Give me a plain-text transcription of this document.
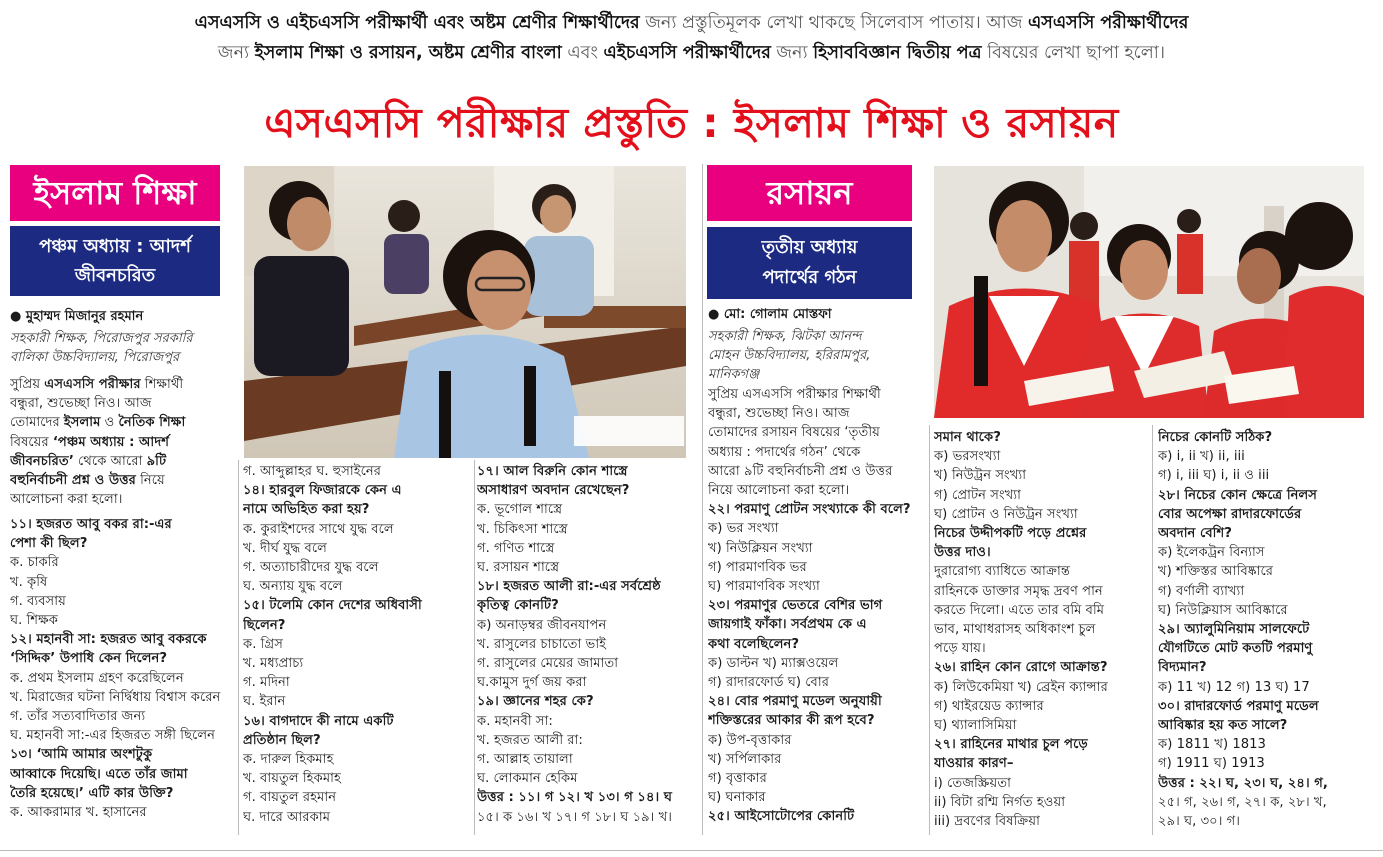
এসএসসি ও এইচএসসি পরীক্ষার্থী এবং অষ্টম শ্রেণীর শিক্ষার্থীদের জন্য প্রস্তুতিমূলক লেখা থাকছে সিলেবাস পাতায়। আজ এসএসসি পরীক্ষার্থীদের
জন্য ইসলাম শিক্ষা ও রসায়ন, অষ্টম শ্রেণীর বাংলা এবং এইচএসসি পরীক্ষার্থীদের জন্য হিসাববিজ্ঞান দ্বিতীয় পত্র বিষয়ের লেখা ছাপা হলো।
এসএসসি পরীক্ষার প্রস্তুতি : ইসলাম শিক্ষা ও রসায়ন
ইসলাম শিক্ষা
পঞ্চম অধ্যায় : আদর্শ
জীবনচরিত
● মুহাম্মদ মিজানুর রহমান
সহকারী শিক্ষক, পিরোজপুর সরকারি
বালিকা উচ্চবিদ্যালয়, পিরোজপুর

সুপ্রিয় এসএসসি পরীক্ষার শিক্ষার্থী

বন্ধুরা, শুভেচ্ছা নিও। আজ

তোমাদের ইসলাম ও নৈতিক শিক্ষা

বিষয়ের ‘পঞ্চম অধ্যায় : আদর্শ

জীবনচরিত’ থেকে আরো ৯টি

বহুনির্বাচনী প্রশ্ন ও উত্তর নিয়ে

আলোচনা করা হলো।

১১। হজরত আবু বকর রা:-এর

পেশা কী ছিল?

ক. চাকরি

খ. কৃষি

গ. ব্যবসায়

ঘ. শিক্ষক

১২। মহানবী সা: হজরত আবু বকরকে

‘সিদ্দিক’ উপাধি কেন দিলেন?

ক. প্রথম ইসলাম গ্রহণ করেছিলেন

খ. মিরাজের ঘটনা নির্দ্বিধায় বিশ্বাস করেন

গ. তাঁর সত্যবাদিতার জন্য

ঘ. মহানবী সা:-এর হিজরত সঙ্গী ছিলেন

১৩। ‘আমি আমার অংশটুকু

আব্বাকে দিয়েছি। এতে তাঁর জামা

তৈরি হয়েছে।’ এটি কার উক্তি?

ক. আকরামার খ. হাসানের

গ. আব্দুল্লাহর ঘ. হুসাইনের

১৪। হারবুল ফিজারকে কেন এ

নামে অভিহিত করা হয়?

ক. কুরাইশদের সাথে যুদ্ধ বলে

খ. দীর্ঘ যুদ্ধ বলে

গ. অত্যাচারীদের যুদ্ধ বলে

ঘ. অন্যায় যুদ্ধ বলে

১৫। টলেমি কোন দেশের অধিবাসী

ছিলেন?

ক. গ্রিস

খ. মধ্যপ্রাচ্য

গ. মদিনা

ঘ. ইরান

১৬। বাগদাদে কী নামে একটি

প্রতিষ্ঠান ছিল?

ক. দারুল হিকমাহ

খ. বায়তুল হিকমাহ

গ. বায়তুল রহমান

ঘ. দারে আরকাম

১৭। আল বিরুনি কোন শাস্ত্রে

অসাধারণ অবদান রেখেছেন?

ক. ভূগোল শাস্ত্রে

খ. চিকিৎসা শাস্ত্রে

গ. গণিত শাস্ত্রে

ঘ. রসায়ন শাস্ত্রে

১৮। হজরত আলী রা:-এর সর্বশ্রেষ্ঠ

কৃতিত্ব কোনটি?

ক) অনাড়ম্বর জীবনযাপন

খ. রাসুলের চাচাতো ভাই

গ. রাসুলের মেয়ের জামাতা

ঘ.কামুস দুর্গ জয় করা

১৯। জ্ঞানের শহর কে?

ক. মহানবী সা:

খ. হজরত আলী রা:

গ. আল্লাহ তায়ালা

ঘ. লোকমান হেকিম

উত্তর : ১১। গ ১২। খ ১৩। গ ১৪। ঘ

১৫। ক ১৬। খ ১৭। গ ১৮। ঘ ১৯। খ।

রসায়ন
তৃতীয় অধ্যায়
পদার্থের গঠন
● মো: গোলাম মোস্তফা
সহকারী শিক্ষক, ঝিটকা আনন্দ
মোহন উচ্চবিদ্যালয়, হরিরামপুর,
মানিকগঞ্জ

সুপ্রিয় এসএসসি পরীক্ষার শিক্ষার্থী

বন্ধুরা, শুভেচ্ছা নিও। আজ

তোমাদের রসায়ন বিষয়ের ‘তৃতীয়

অধ্যায় : পদার্থের গঠন’ থেকে

আরো ৯টি বহুনির্বাচনী প্রশ্ন ও উত্তর

নিয়ে আলোচনা করা হলো।

২২। পরমাণু প্রোটন সংখ্যাকে কী বলে?

ক) ভর সংখ্যা

খ) নিউক্লিয়ন সংখ্যা

গ) পারমাণবিক ভর

ঘ) পারমাণবিক সংখ্যা

২৩। পরমাণুর ভেতরে বেশির ভাগ

জায়গাই ফাঁকা। সর্বপ্রথম কে এ

কথা বলেছিলেন?

ক) ডাল্টন খ) ম্যাক্সওয়েল

গ) রাদারফোর্ড ঘ) বোর

২৪। বোর পরমাণু মডেল অনুযায়ী

শক্তিস্তরের আকার কী রূপ হবে?

ক) উপ-বৃত্তাকার

খ) সর্পিলাকার

গ) বৃত্তাকার

ঘ) ঘনাকার

২৫। আইসোটোপের কোনটি

সমান থাকে?

ক) ভরসংখ্যা

খ) নিউট্রন সংখ্যা

গ) প্রোটন সংখ্যা

ঘ) প্রোটন ও নিউট্রন সংখ্যা

নিচের উদ্দীপকটি পড়ে প্রশ্নের

উত্তর দাও।

দুরারোগ্য ব্যাধিতে আক্রান্ত

রাহিনকে ডাক্তার সমৃদ্ধ দ্রবণ পান

করতে দিলো। এতে তার বমি বমি

ভাব, মাথাধরাসহ অধিকাংশ চুল

পড়ে যায়।

২৬। রাহিন কোন রোগে আক্রান্ত?

ক) লিউকেমিয়া খ) ব্রেইন ক্যান্সার

গ) থাইরয়েড ক্যান্সার

ঘ) থ্যালাসিমিয়া

২৭। রাহিনের মাথার চুল পড়ে

যাওয়ার কারণ–

i) তেজস্ক্রিয়তা

ii) বিটা রশ্মি নির্গত হওয়া

iii) দ্রবণের বিষক্রিয়া

নিচের কোনটি সঠিক?

ক) i, ii খ) ii, iii

গ) i, iii ঘ) i, ii ও iii

২৮। নিচের কোন ক্ষেত্রে নিলস

বোর অপেক্ষা রাদারফোর্ডের

অবদান বেশি?

ক) ইলেকট্রন বিন্যাস

খ) শক্তিস্তর আবিষ্কারে

গ) বর্ণালী ব্যাখ্যা

ঘ) নিউক্লিয়াস আবিষ্কারে

২৯। অ্যালুমিনিয়াম সালফেটে

যৌগটিতে মোট কতটি পরমাণু

বিদ্যমান?

ক) 11 খ) 12 গ) 13 ঘ) 17

৩০। রাদারফোর্ড পরমাণু মডেল

আবিষ্কার হয় কত সালে?

ক) 1811 খ) 1813

গ) 1911 ঘ) 1913

উত্তর : ২২। ঘ, ২৩। ঘ, ২৪। গ,

২৫। গ, ২৬। গ, ২৭। ক, ২৮। খ,

২৯। ঘ, ৩০। গ।
